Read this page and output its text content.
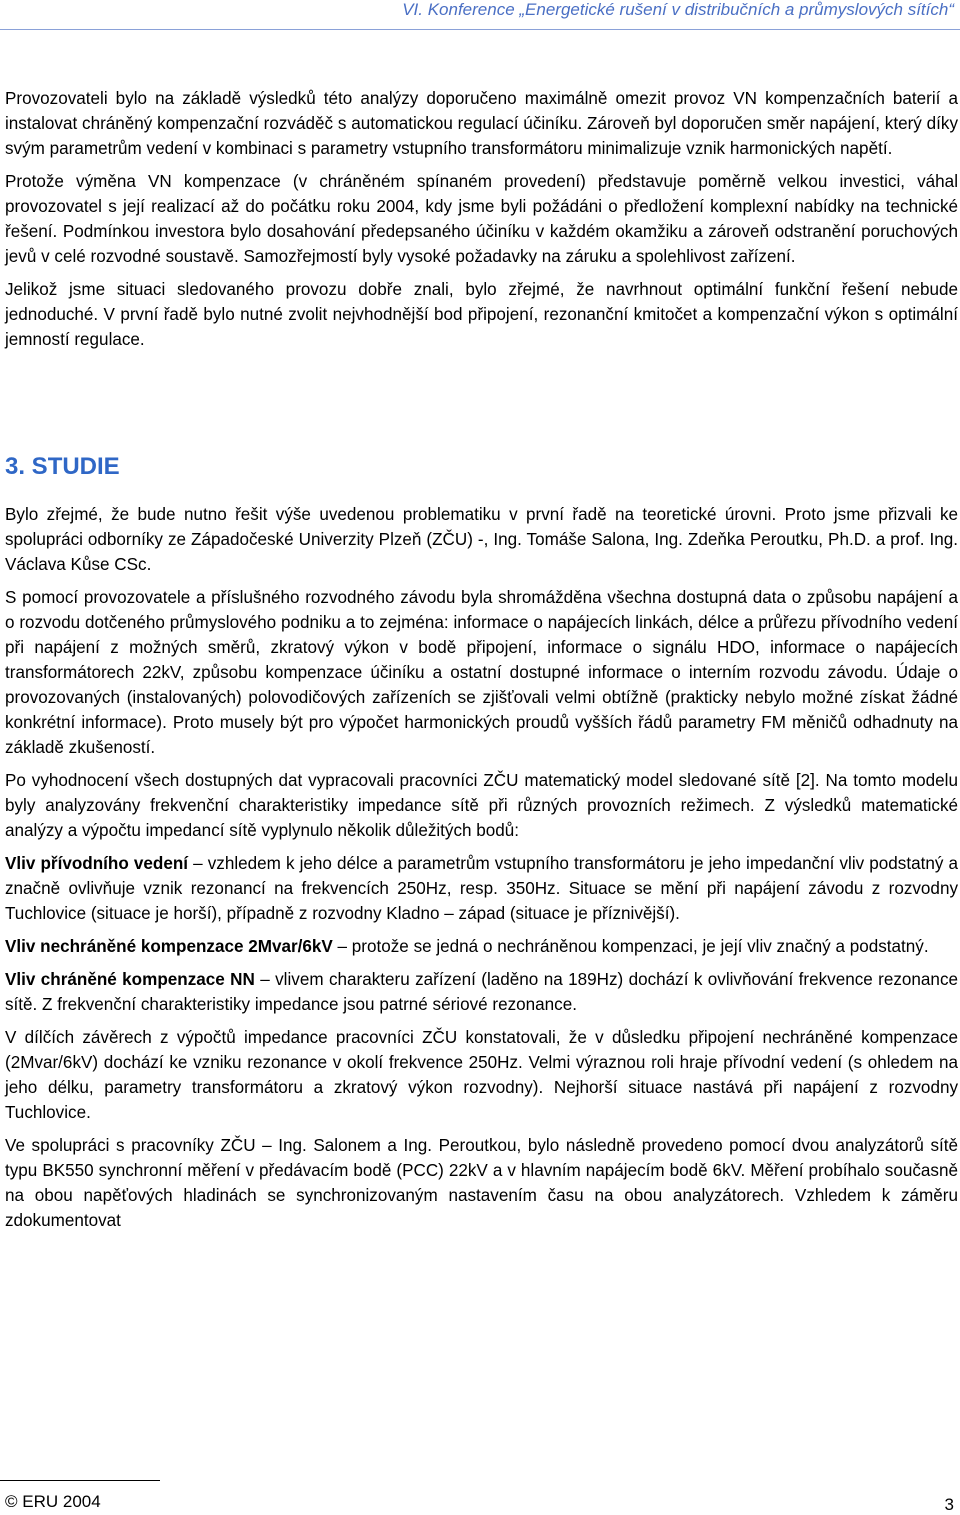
VI. Konference „Energetické rušení v distribučních a průmyslových sítích“

Provozovateli bylo na základě výsledků této analýzy doporučeno maximálně omezit provoz VN kompenzačních baterií a instalovat chráněný kompenzační rozváděč s automatickou regulací účiníku. Zároveň byl doporučen směr napájení, který díky svým parametrům vedení v kombinaci s parametry vstupního transformátoru minimalizuje vznik harmonických napětí.

Protože výměna VN kompenzace (v chráněném spínaném provedení) představuje poměrně velkou investici, váhal provozovatel s její realizací až do počátku roku 2004, kdy jsme byli požádáni o předložení komplexní nabídky na technické řešení. Podmínkou investora bylo dosahování předepsaného účiníku v každém okamžiku a zároveň odstranění poruchových jevů v celé rozvodné soustavě. Samozřejmostí byly vysoké požadavky na záruku a spolehlivost zařízení.

Jelikož jsme situaci sledovaného provozu dobře znali, bylo zřejmé, že navrhnout optimální funkční řešení nebude jednoduché. V první řadě bylo nutné zvolit nejvhodnější bod připojení, rezonanční kmitočet a kompenzační výkon s optimální jemností regulace.

3. STUDIE

Bylo zřejmé, že bude nutno řešit výše uvedenou problematiku v první řadě na teoretické úrovni. Proto jsme přizvali ke spolupráci odborníky ze Západočeské Univerzity Plzeň (ZČU) -, Ing. Tomáše Salona, Ing. Zdeňka Peroutku, Ph.D. a prof. Ing. Václava Kůse CSc.

S pomocí provozovatele a příslušného rozvodného závodu byla shromážděna všechna dostupná data o způsobu napájení a o rozvodu dotčeného průmyslového podniku a to zejména: informace o napájecích linkách, délce a průřezu přívodního vedení při napájení z možných směrů, zkratový výkon v bodě připojení, informace o signálu HDO, informace o napájecích transformátorech 22kV, způsobu kompenzace účiníku a ostatní dostupné informace o interním rozvodu závodu. Údaje o provozovaných (instalovaných) polovodičových zařízeních se zjišťovali velmi obtížně (prakticky nebylo možné získat žádné konkrétní informace). Proto musely být pro výpočet harmonických proudů vyšších řádů parametry FM měničů odhadnuty na základě zkušeností.

Po vyhodnocení všech dostupných dat vypracovali pracovníci ZČU matematický model sledované sítě [2]. Na tomto modelu byly analyzovány frekvenční charakteristiky impedance sítě při různých provozních režimech. Z výsledků matematické analýzy a výpočtu impedancí sítě vyplynulo několik důležitých bodů:

Vliv přívodního vedení – vzhledem k jeho délce a parametrům vstupního transformátoru je jeho impedanční vliv podstatný a značně ovlivňuje vznik rezonancí na frekvencích 250Hz, resp. 350Hz. Situace se mění při napájení závodu z rozvodny Tuchlovice (situace je horší), případně z rozvodny Kladno – západ (situace je příznivější).

Vliv nechráněné kompenzace 2Mvar/6kV – protože se jedná o nechráněnou kompenzaci, je její vliv značný a podstatný.

Vliv chráněné kompenzace NN – vlivem charakteru zařízení (laděno na 189Hz) dochází k ovlivňování frekvence rezonance sítě. Z frekvenční charakteristiky impedance jsou patrné sériové rezonance.

V dílčích závěrech z výpočtů impedance pracovníci ZČU konstatovali, že v důsledku připojení nechráněné kompenzace (2Mvar/6kV) dochází ke vzniku rezonance v okolí frekvence 250Hz. Velmi výraznou roli hraje přívodní vedení (s ohledem na jeho délku, parametry transformátoru a zkratový výkon rozvodny). Nejhorší situace nastává při napájení z rozvodny Tuchlovice.

Ve spolupráci s pracovníky ZČU – Ing. Salonem a Ing. Peroutkou, bylo následně provedeno pomocí dvou analyzátorů sítě typu BK550 synchronní měření v předávacím bodě (PCC) 22kV a v hlavním napájecím bodě 6kV. Měření probíhalo současně na obou napěťových hladinách se synchronizovaným nastavením času na obou analyzátorech. Vzhledem k záměru zdokumentovat

© ERU 2004	3
